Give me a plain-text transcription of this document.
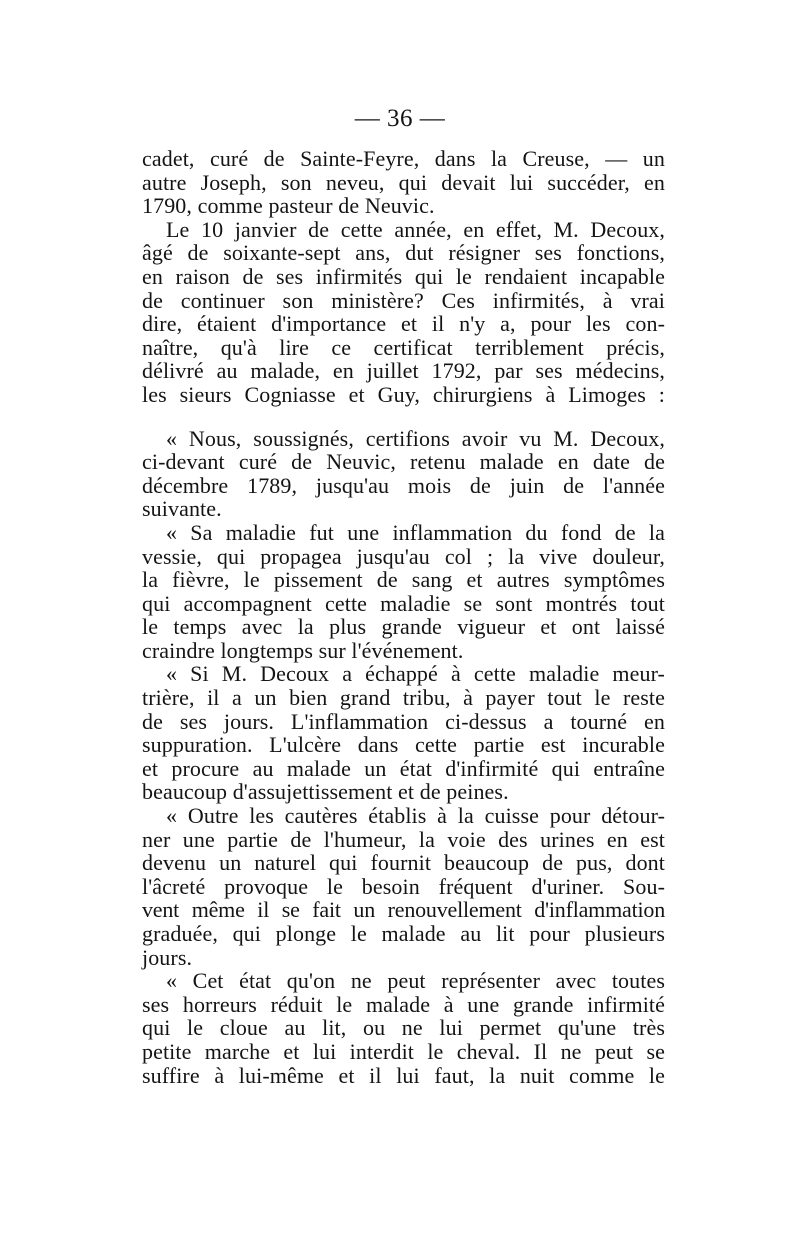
— 36 —
cadet, curé de Sainte-Feyre, dans la Creuse, — un
autre Joseph, son neveu, qui devait lui succéder, en
1790, comme pasteur de Neuvic.
Le 10 janvier de cette année, en effet, M. Decoux,
âgé de soixante-sept ans, dut résigner ses fonctions,
en raison de ses infirmités qui le rendaient incapable
de continuer son ministère? Ces infirmités, à vrai
dire, étaient d'importance et il n'y a, pour les con-
naître, qu'à lire ce certificat terriblement précis,
délivré au malade, en juillet 1792, par ses médecins,
les sieurs Cogniasse et Guy, chirurgiens à Limoges :
« Nous, soussignés, certifions avoir vu M. Decoux,
ci-devant curé de Neuvic, retenu malade en date de
décembre 1789, jusqu'au mois de juin de l'année
suivante.
« Sa maladie fut une inflammation du fond de la
vessie, qui propagea jusqu'au col ; la vive douleur,
la fièvre, le pissement de sang et autres symptômes
qui accompagnent cette maladie se sont montrés tout
le temps avec la plus grande vigueur et ont laissé
craindre longtemps sur l'événement.
« Si M. Decoux a échappé à cette maladie meur-
trière, il a un bien grand tribu, à payer tout le reste
de ses jours. L'inflammation ci-dessus a tourné en
suppuration. L'ulcère dans cette partie est incurable
et procure au malade un état d'infirmité qui entraîne
beaucoup d'assujettissement et de peines.
« Outre les cautères établis à la cuisse pour détour-
ner une partie de l'humeur, la voie des urines en est
devenu un naturel qui fournit beaucoup de pus, dont
l'âcreté provoque le besoin fréquent d'uriner. Sou-
vent même il se fait un renouvellement d'inflammation
graduée, qui plonge le malade au lit pour plusieurs
jours.
« Cet état qu'on ne peut représenter avec toutes
ses horreurs réduit le malade à une grande infirmité
qui le cloue au lit, ou ne lui permet qu'une très
petite marche et lui interdit le cheval. Il ne peut se
suffire à lui-même et il lui faut, la nuit comme le
